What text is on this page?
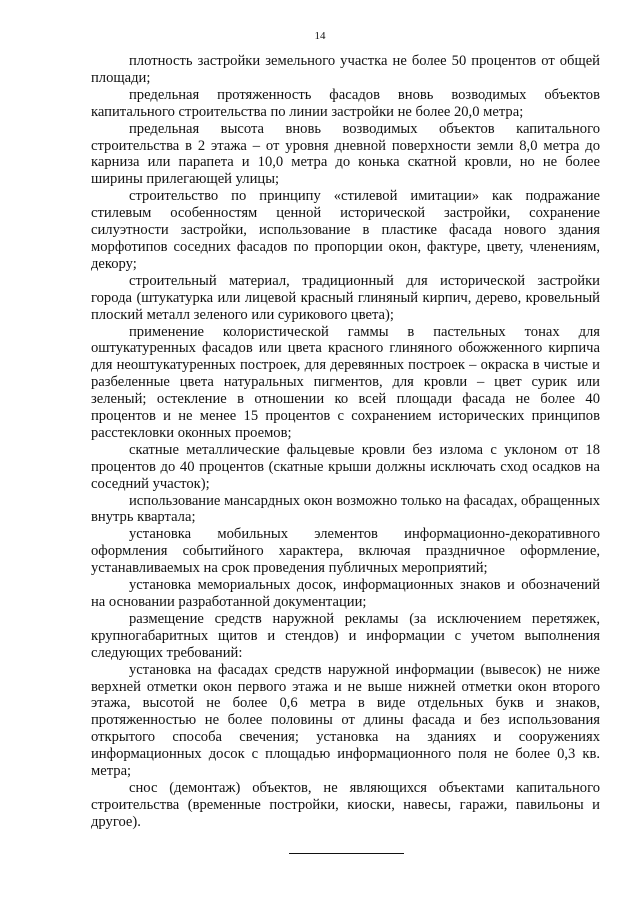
14

плотность застройки земельного участка не более 50 процентов от общей площади;

предельная протяженность фасадов вновь возводимых объектов капитального строительства по линии застройки не более 20,0 метра;

предельная высота вновь возводимых объектов капитального строительства в 2 этажа – от уровня дневной поверхности земли 8,0 метра до карниза или парапета и 10,0 метра до конька скатной кровли, но не более ширины прилегающей улицы;

строительство по принципу «стилевой имитации» как подражание стилевым особенностям ценной исторической застройки, сохранение силуэтности застройки, использование в пластике фасада нового здания морфотипов соседних фасадов по пропорции окон, фактуре, цвету, членениям, декору;

строительный материал, традиционный для исторической застройки города (штукатурка или лицевой красный глиняный кирпич, дерево, кровельный плоский металл зеленого или сурикового цвета);

применение колористической гаммы в пастельных тонах для оштукатуренных фасадов или цвета красного глиняного обожженного кирпича для неоштукатуренных построек, для деревянных построек – окраска в чистые и разбеленные цвета натуральных пигментов, для кровли – цвет сурик или зеленый; остекление в отношении ко всей площади фасада не более 40 процентов и не менее 15 процентов с сохранением исторических принципов расстекловки оконных проемов;

скатные металлические фальцевые кровли без излома с уклоном от 18 процентов до 40 процентов (скатные крыши должны исключать сход осадков на соседний участок);

использование мансардных окон возможно только на фасадах, обращенных внутрь квартала;

установка мобильных элементов информационно-декоративного оформления событийного характера, включая праздничное оформление, устанавливаемых на срок проведения публичных мероприятий;

установка мемориальных досок, информационных знаков и обозначений на основании разработанной документации;

размещение средств наружной рекламы (за исключением перетяжек, крупногабаритных щитов и стендов) и информации с учетом выполнения следующих требований:

установка на фасадах средств наружной информации (вывесок) не ниже верхней отметки окон первого этажа и не выше нижней отметки окон второго этажа, высотой не более 0,6 метра в виде отдельных букв и знаков, протяженностью не более половины от длины фасада и без использования открытого способа свечения; установка на зданиях и сооружениях информационных досок с площадью информационного поля не более 0,3 кв. метра;

снос (демонтаж) объектов, не являющихся объектами капитального строительства (временные постройки, киоски, навесы, гаражи, павильоны и другое).
